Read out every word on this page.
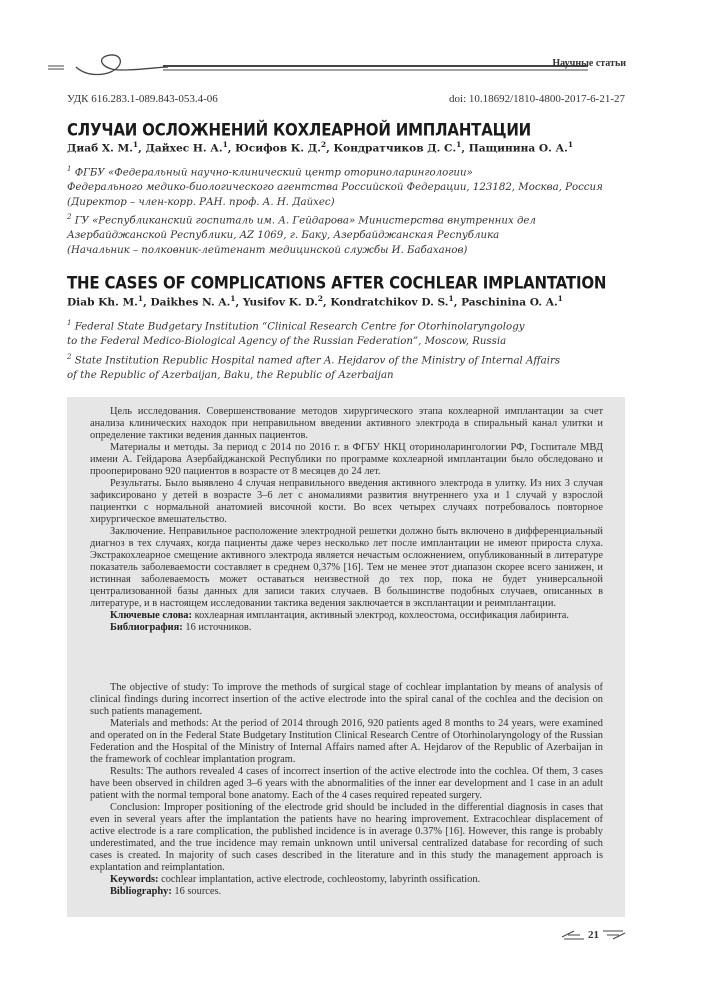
Научные статьи
УДК 616.283.1-089.843-053.4-06	doi: 10.18692/1810-4800-2017-6-21-27
СЛУЧАИ ОСЛОЖНЕНИЙ КОХЛЕАРНОЙ ИМПЛАНТАЦИИ
Диаб Х. М.$^1$, Дайхес Н. А.$^1$, Юсифов К. Д.$^2$, Кондратчиков Д. С.$^1$, Пащинина О. А.$^1$
$^1$ ФГБУ «Федеральный научно-клинический центр оториноларингологии»
Федерального медико-биологического агентства Российской Федерации, 123182, Москва, Россия
(Директор – член-корр. РАН. проф. А. Н. Дайхес)
$^2$ ГУ «Республиканский госпиталь им. А. Гейдарова» Министерства внутренних дел
Азербайджанской Республики, AZ 1069, г. Баку, Азербайджанская Республика
(Начальник – полковник-лейтенант медицинской службы И. Бабаханов)
THE CASES OF COMPLICATIONS AFTER COCHLEAR IMPLANTATION
Diab Kh. M.$^1$, Daikhes N. A.$^1$, Yusifov K. D.$^2$, Kondratchikov D. S.$^1$, Paschinina O. A.$^1$
$^1$ Federal State Budgetary Institution “Clinical Research Centre for Otorhinolaryngology
to the Federal Medico-Biological Agency of the Russian Federation”, Moscow, Russia
$^2$ State Institution Republic Hospital named after A. Hejdarov of the Ministry of Internal Affairs
of the Republic of Azerbaijan, Baku, the Republic of Azerbaijan

Цель исследования. Совершенствование методов хирургического этапа кохлеарной имплантации за счет анализа клинических находок при неправильном введении активного электрода в спиральный канал улитки и определение тактики ведения данных пациентов.

Материалы и методы. За период с 2014 по 2016 г. в ФГБУ НКЦ оториноларингологии РФ, Госпитале МВД имени А. Гейдарова Азербайджанской Республики по программе кохлеарной имплантации было обследовано и прооперировано 920 пациентов в возрасте от 8 месяцев до 24 лет.

Результаты. Было выявлено 4 случая неправильного введения активного электрода в улитку. Из них 3 случая зафиксировано у детей в возрасте 3–6 лет с аномалиями развития внутреннего уха и 1 случай у взрослой пациентки с нормальной анатомией височной кости. Во всех четырех случаях потребовалось повторное хирургическое вмешательство.

Заключение. Неправильное расположение электродной решетки должно быть включено в дифференциальный диагноз в тех случаях, когда пациенты даже через несколько лет после имплантации не имеют прироста слуха. Экстракохлеарное смещение активного электрода является нечастым осложнением, опубликованный в литературе показатель заболеваемости составляет в среднем 0,37% [16]. Тем не менее этот диапазон скорее всего занижен, и истинная заболеваемость может оставаться неизвестной до тех пор, пока не будет универсальной централизованной базы данных для записи таких случаев. В большинстве подобных случаев, описанных в литературе, и в настоящем исследовании тактика ведения заключается в эксплантации и реимплантации.

Ключевые слова: кохлеарная имплантация, активный электрод, кохлеостома, оссификация лабиринта.

Библиография: 16 источников.

The objective of study: To improve the methods of surgical stage of cochlear implantation by means of analysis of clinical findings during incorrect insertion of the active electrode into the spiral canal of the cochlea and the decision on such patients management.

Materials and methods: At the period of 2014 through 2016, 920 patients aged 8 months to 24 years, were examined and operated on in the Federal State Budgetary Institution Clinical Research Centre of Otorhinolaryngology of the Russian Federation and the Hospital of the Ministry of Internal Affairs named after A. Hejdarov of the Republic of Azerbaijan in the framework of cochlear implantation program.

Results: The authors revealed 4 cases of incorrect insertion of the active electrode into the cochlea. Of them, 3 cases have been observed in children aged 3–6 years with the abnormalities of the inner ear development and 1 case in an adult patient with the normal temporal bone anatomy. Each of the 4 cases required repeated surgery.

Conclusion: Improper positioning of the electrode grid should be included in the differential diagnosis in cases that even in several years after the implantation the patients have no hearing improvement. Extracochlear displacement of active electrode is a rare complication, the published incidence is in average 0.37% [16]. However, this range is probably underestimated, and the true incidence may remain unknown until universal centralized database for recording of such cases is created. In majority of such cases described in the literature and in this study the management approach is explantation and reimplantation.

Keywords: cochlear implantation, active electrode, cochleostomy, labyrinth ossification.

Bibliography: 16 sources.

21
